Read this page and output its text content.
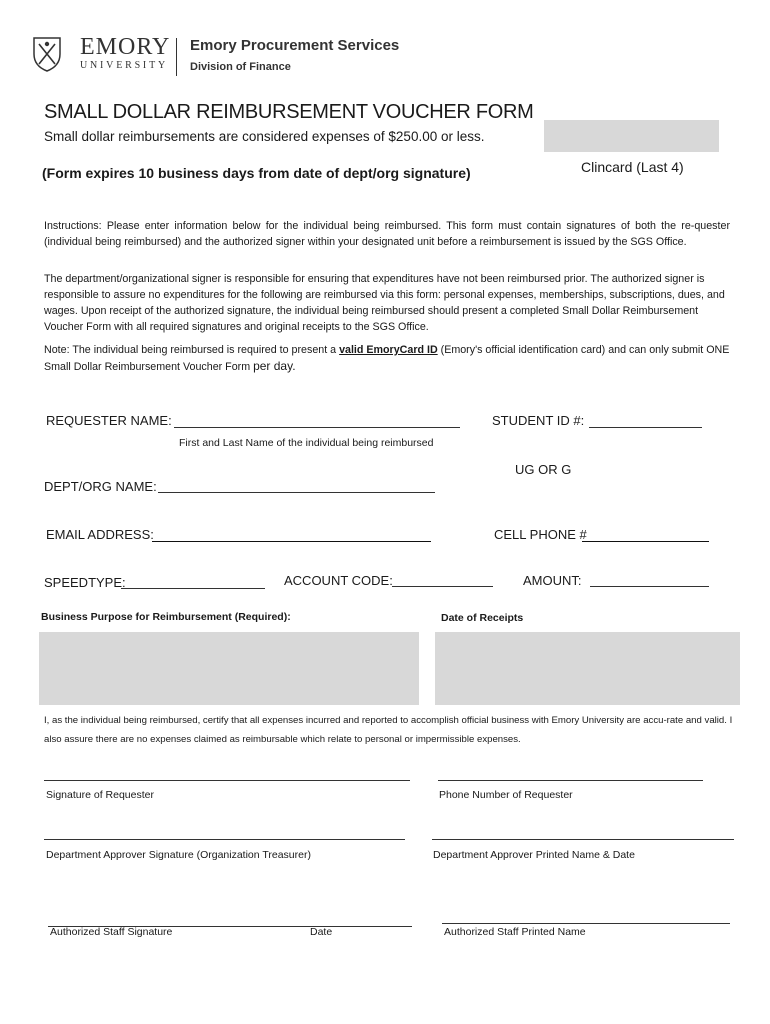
EMORY
UNIVERSITY
Emory Procurement Services
Division of Finance
SMALL DOLLAR REIMBURSEMENT VOUCHER FORM
Small dollar reimbursements are considered expenses of $250.00 or less.
Clincard (Last 4)
(Form expires 10 business days from date of dept/org signature)
Instructions: Please enter information below for the individual being reimbursed. This form must contain signatures of both the re-quester (individual being reimbursed) and the authorized signer within your designated unit before a reimbursement is issued by the SGS Office.
The department/organizational signer is responsible for ensuring that expenditures have not been reimbursed prior. The authorized signer is responsible to assure no expenditures for the following are reimbursed via this form: personal expenses, memberships, subscriptions, dues, and wages. Upon receipt of the authorized signature, the individual being reimbursed should present a completed Small Dollar Reimbursement Voucher Form with all required signatures and original receipts to the SGS Office.
Note: The individual being reimbursed is required to present a valid EmoryCard ID (Emory's official identification card) and can only submit ONE Small Dollar Reimbursement Voucher Form per day.
REQUESTER NAME:
First and Last Name of the individual being reimbursed
STUDENT ID #:
UG OR G
DEPT/ORG NAME:
EMAIL ADDRESS:	CELL PHONE #
SPEEDTYPE:	ACCOUNT CODE:	AMOUNT:
Business Purpose for Reimbursement (Required):	Date of Receipts
I, as the individual being reimbursed, certify that all expenses incurred and reported to accomplish official business with Emory University are accu-rate and valid. I also assure there are no expenses claimed as reimbursable which relate to personal or impermissible expenses.
Signature of Requester	Phone Number of Requester
Department Approver Signature (Organization Treasurer)	Department Approver Printed Name & Date
Authorized Staff Signature	Date	Authorized Staff Printed Name
